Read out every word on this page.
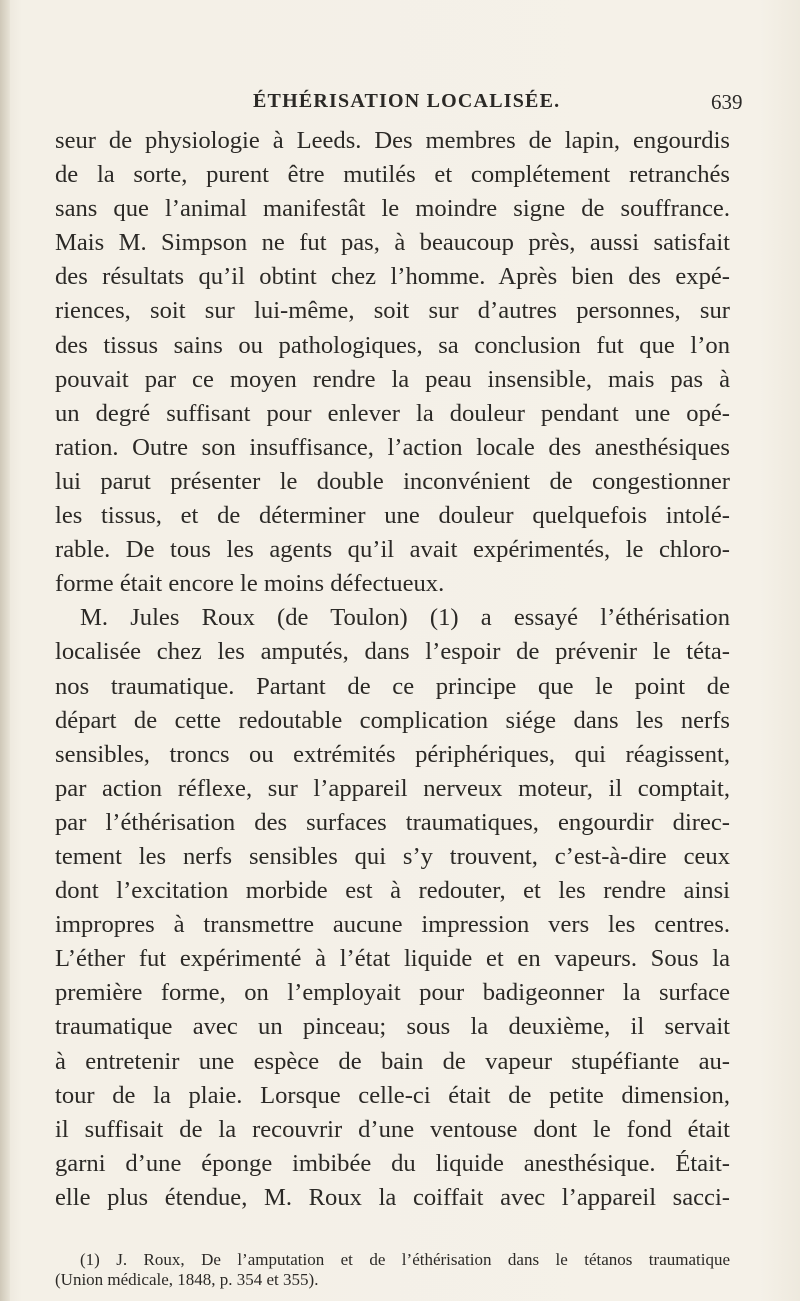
ÉTHÉRISATION LOCALISÉE.	639
seur de physiologie à Leeds. Des membres de lapin, engourdis
de la sorte, purent être mutilés et complétement retranchés
sans que l’animal manifestât le moindre signe de souffrance.
Mais M. Simpson ne fut pas, à beaucoup près, aussi satisfait
des résultats qu’il obtint chez l’homme. Après bien des expé-
riences, soit sur lui-même, soit sur d’autres personnes, sur
des tissus sains ou pathologiques, sa conclusion fut que l’on
pouvait par ce moyen rendre la peau insensible, mais pas à
un degré suffisant pour enlever la douleur pendant une opé-
ration. Outre son insuffisance, l’action locale des anesthésiques
lui parut présenter le double inconvénient de congestionner
les tissus, et de déterminer une douleur quelquefois intolé-
rable. De tous les agents qu’il avait expérimentés, le chloro-
forme était encore le moins défectueux.
M. Jules Roux (de Toulon) (1) a essayé l’éthérisation
localisée chez les amputés, dans l’espoir de prévenir le téta-
nos traumatique. Partant de ce principe que le point de
départ de cette redoutable complication siége dans les nerfs
sensibles, troncs ou extrémités périphériques, qui réagissent,
par action réflexe, sur l’appareil nerveux moteur, il comptait,
par l’éthérisation des surfaces traumatiques, engourdir direc-
tement les nerfs sensibles qui s’y trouvent, c’est-à-dire ceux
dont l’excitation morbide est à redouter, et les rendre ainsi
impropres à transmettre aucune impression vers les centres.
L’éther fut expérimenté à l’état liquide et en vapeurs. Sous la
première forme, on l’employait pour badigeonner la surface
traumatique avec un pinceau; sous la deuxième, il servait
à entretenir une espèce de bain de vapeur stupéfiante au-
tour de la plaie. Lorsque celle-ci était de petite dimension,
il suffisait de la recouvrir d’une ventouse dont le fond était
garni d’une éponge imbibée du liquide anesthésique. Était-
elle plus étendue, M. Roux la coiffait avec l’appareil sacci-
(1) J. Roux, De l’amputation et de l’éthérisation dans le tétanos traumatique
(Union médicale, 1848, p. 354 et 355).
